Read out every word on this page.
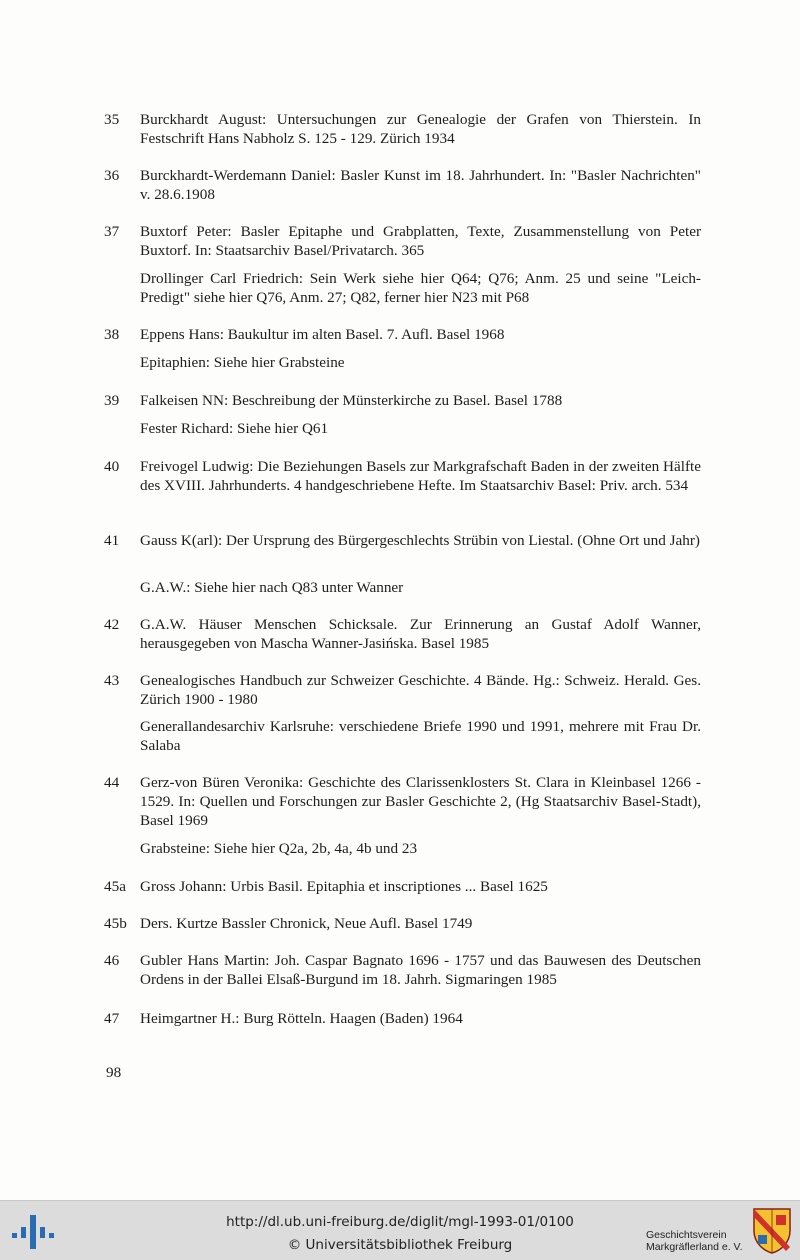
35	Burckhardt August: Untersuchungen zur Genealogie der Grafen von Thierstein. In Festschrift Hans Nabholz S. 125 - 129. Zürich 1934
36	Burckhardt-Werdemann Daniel: Basler Kunst im 18. Jahrhundert. In: "Basler Nachrichten" v. 28.6.1908
37	Buxtorf Peter: Basler Epitaphe und Grabplatten, Texte, Zusammenstellung von Peter Buxtorf. In: Staatsarchiv Basel/Privatarch. 365
Drollinger Carl Friedrich: Sein Werk siehe hier Q64; Q76; Anm. 25 und seine "Leich-Predigt" siehe hier Q76, Anm. 27; Q82, ferner hier N23 mit P68
38	Eppens Hans: Baukultur im alten Basel. 7. Aufl. Basel 1968
Epitaphien: Siehe hier Grabsteine
39	Falkeisen NN: Beschreibung der Münsterkirche zu Basel. Basel 1788
Fester Richard: Siehe hier Q61
40	Freivogel Ludwig: Die Beziehungen Basels zur Markgrafschaft Baden in der zweiten Hälfte des XVIII. Jahrhunderts. 4 handgeschriebene Hefte. Im Staatsarchiv Basel: Priv. arch. 534
41	Gauss K(arl): Der Ursprung des Bürgergeschlechts Strübin von Liestal. (Ohne Ort und Jahr)
G.A.W.: Siehe hier nach Q83 unter Wanner
42	G.A.W. Häuser Menschen Schicksale. Zur Erinnerung an Gustaf Adolf Wanner, herausgegeben von Mascha Wanner-Jasińska. Basel 1985
43	Genealogisches Handbuch zur Schweizer Geschichte. 4 Bände. Hg.: Schweiz. Herald. Ges. Zürich 1900 - 1980
Generallandesarchiv Karlsruhe: verschiedene Briefe 1990 und 1991, mehrere mit Frau Dr. Salaba
44	Gerz-von Büren Veronika: Geschichte des Clarissenklosters St. Clara in Kleinbasel 1266 - 1529. In: Quellen und Forschungen zur Basler Geschichte 2, (Hg Staatsarchiv Basel-Stadt), Basel 1969
Grabsteine: Siehe hier Q2a, 2b, 4a, 4b und 23
45a Gross Johann: Urbis Basil. Epitaphia et inscriptiones ... Basel 1625
45b Ders. Kurtze Bassler Chronick, Neue Aufl. Basel 1749
46	Gubler Hans Martin: Joh. Caspar Bagnato 1696 - 1757 und das Bauwesen des Deutschen Ordens in der Ballei Elsaß-Burgund im 18. Jahrh. Sigmaringen 1985
47	Heimgartner H.: Burg Rötteln. Haagen (Baden) 1964
98
http://dl.ub.uni-freiburg.de/diglit/mgl-1993-01/0100
© Universitätsbibliothek Freiburg
Geschichtsverein
Markgräflerland e. V.
